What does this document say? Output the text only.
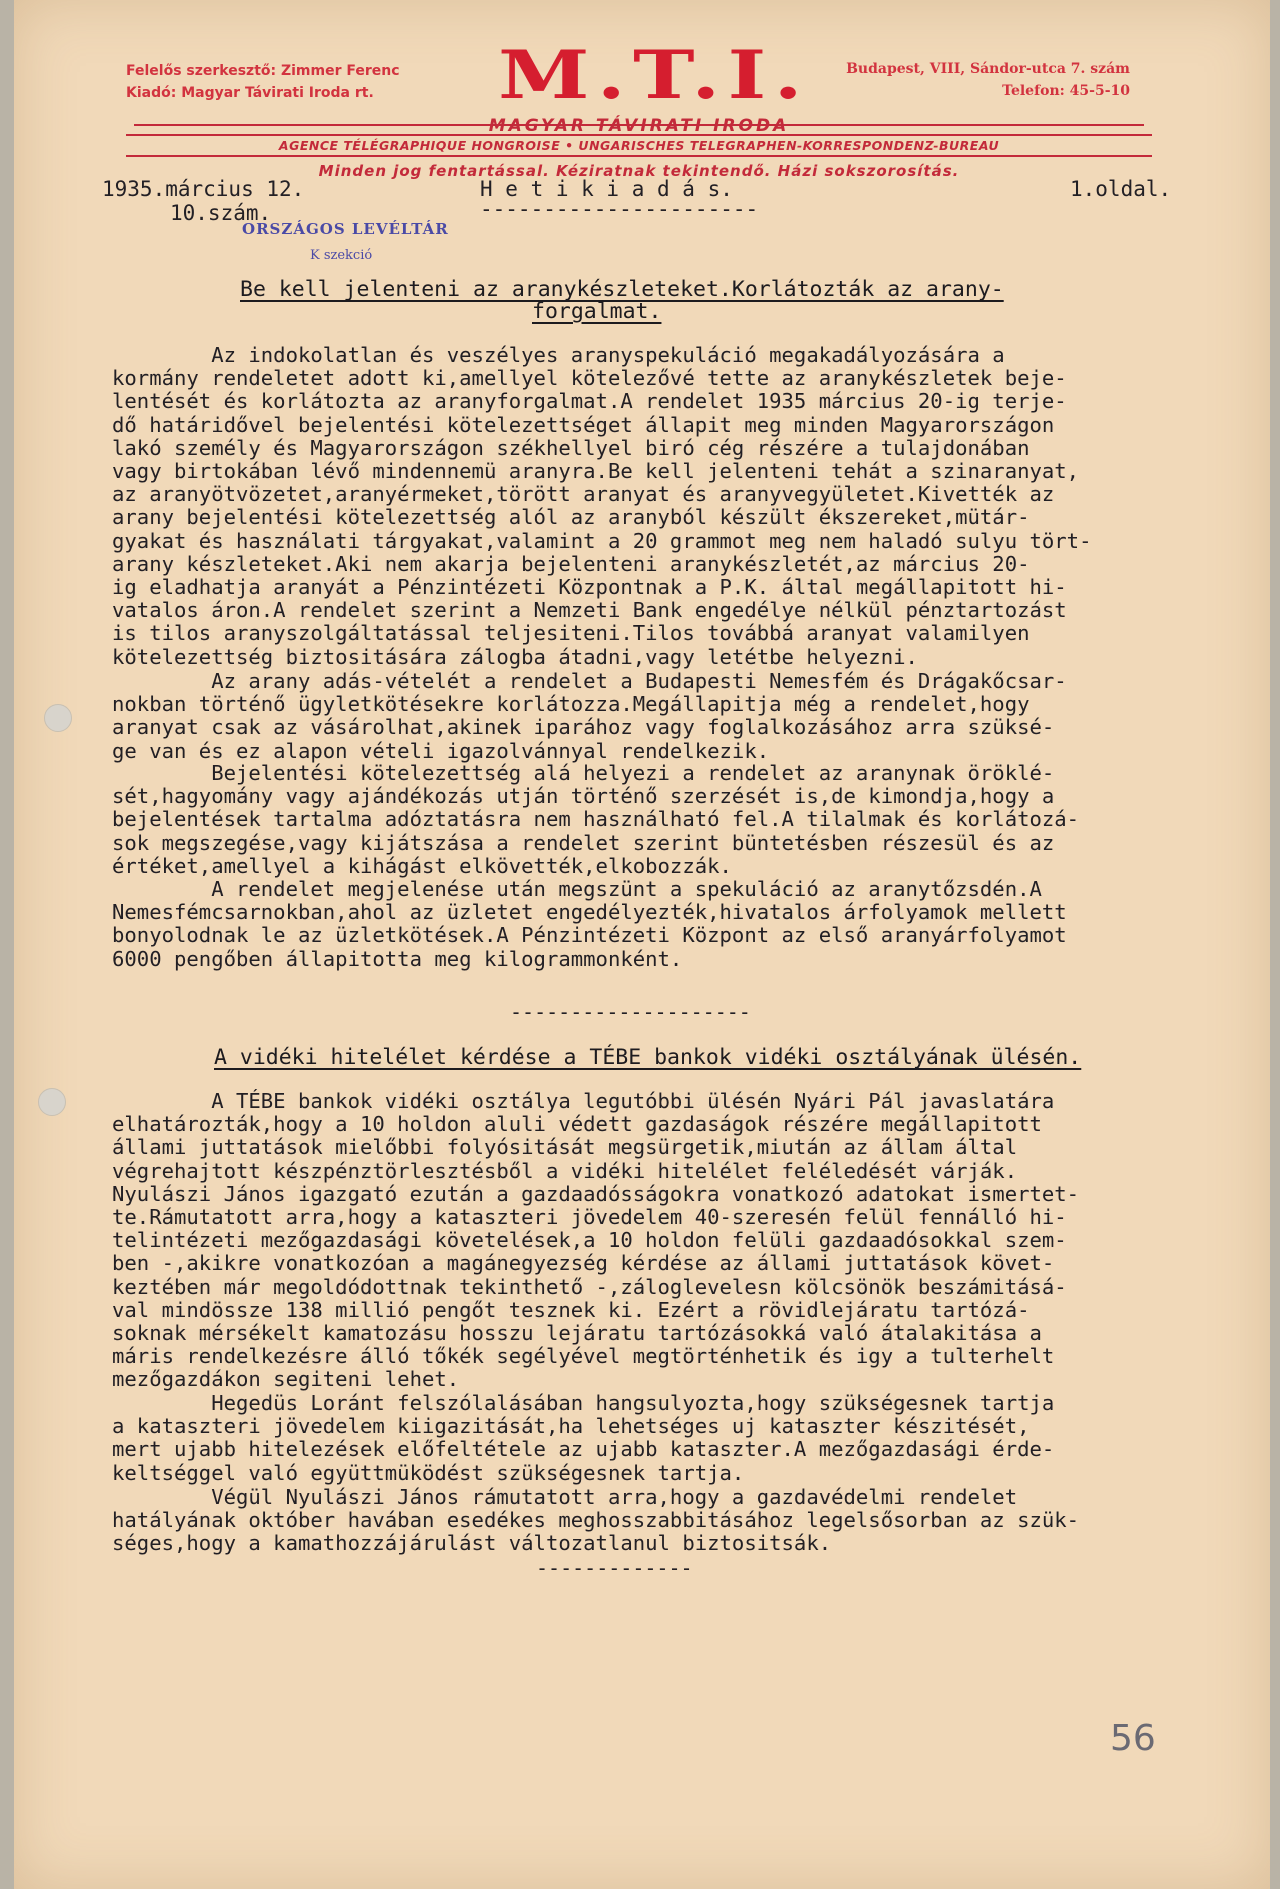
Felelős szerkesztő: Zimmer Ferenc
Kiadó: Magyar Távirati Iroda rt.	M.T.I.	Budapest, VIII, Sándor-utca 7. szám
Telefon: 45-5-10
MAGYAR TÁVIRATI IRODA
AGENCE TÉLÉGRAPHIQUE HONGROISE • UNGARISCHES TELEGRAPHEN-KORRESPONDENZ-BUREAU
Minden jog fentartással. Kéziratnak tekintendő. Házi sokszorosítás.
1935.március 12.
10.szám.
H e t i k i a d á s.
----------------------
1.oldal.
ORSZÁGOS LEVÉLTÁR
K szekció
Be kell jelenteni az aranykészleteket.Korlátozták az arany-
forgalmat.
Az indokolatlan és veszélyes aranyspekuláció megakadályozására a
kormány rendeletet adott ki,amellyel kötelezővé tette az aranykészletek beje-
lentését és korlátozta az aranyforgalmat.A rendelet 1935 március 20-ig terje-
dő határidővel bejelentési kötelezettséget állapit meg minden Magyarországon
lakó személy és Magyarországon székhellyel biró cég részére a tulajdonában
vagy birtokában lévő mindennemü aranyra.Be kell jelenteni tehát a szinaranyat,
az aranyötvözetet,aranyérmeket,törött aranyat és aranyvegyületet.Kivették az
arany bejelentési kötelezettség alól az aranyból készült ékszereket,mütár-
gyakat és használati tárgyakat,valamint a 20 grammot meg nem haladó sulyu tört-
arany készleteket.Aki nem akarja bejelenteni aranykészletét,az március 20-
ig eladhatja aranyát a Pénzintézeti Központnak a P.K. által megállapitott hi-
vatalos áron.A rendelet szerint a Nemzeti Bank engedélye nélkül pénztartozást
is tilos aranyszolgáltatással teljesiteni.Tilos továbbá aranyat valamilyen
kötelezettség biztositására zálogba átadni,vagy letétbe helyezni.
Az arany adás-vételét a rendelet a Budapesti Nemesfém és Drágakőcsar-
nokban történő ügyletkötésekre korlátozza.Megállapitja még a rendelet,hogy
aranyat csak az vásárolhat,akinek iparához vagy foglalkozásához arra szüksé-
ge van és ez alapon vételi igazolvánnyal rendelkezik.
Bejelentési kötelezettség alá helyezi a rendelet az aranynak öröklé-
sét,hagyomány vagy ajándékozás utján történő szerzését is,de kimondja,hogy a
bejelentések tartalma adóztatásra nem használható fel.A tilalmak és korlátozá-
sok megszegése,vagy kijátszása a rendelet szerint büntetésben részesül és az
értéket,amellyel a kihágást elkövették,elkobozzák.
A rendelet megjelenése után megszünt a spekuláció az aranytőzsdén.A
Nemesfémcsarnokban,ahol az üzletet engedélyezték,hivatalos árfolyamok mellett
bonyolodnak le az üzletkötések.A Pénzintézeti Központ az első aranyárfolyamot
6000 pengőben állapitotta meg kilogrammonként.
--------------------
A vidéki hitelélet kérdése a TÉBE bankok vidéki osztályának ülésén.
A TÉBE bankok vidéki osztálya legutóbbi ülésén Nyári Pál javaslatára
elhatározták,hogy a 10 holdon aluli védett gazdaságok részére megállapitott
állami juttatások mielőbbi folyósitását megsürgetik,miután az állam által
végrehajtott készpénztörlesztésből a vidéki hitelélet feléledését várják.
Nyulászi János igazgató ezután a gazdaadósságokra vonatkozó adatokat ismertet-
te.Rámutatott arra,hogy a kataszteri jövedelem 40-szeresén felül fennálló hi-
telintézeti mezőgazdasági követelések,a 10 holdon felüli gazdaadósokkal szem-
ben -,akikre vonatkozóan a magánegyezség kérdése az állami juttatások követ-
keztében már megoldódottnak tekinthető -,záloglevelesn kölcsönök beszámitásá-
val mindössze 138 millió pengőt tesznek ki. Ezért a rövidlejáratu tartózá-
soknak mérsékelt kamatozásu hosszu lejáratu tartózásokká való átalakitása a
máris rendelkezésre álló tőkék segélyével megtörténhetik és igy a tulterhelt
mezőgazdákon segiteni lehet.
Hegedüs Loránt felszólalásában hangsulyozta,hogy szükségesnek tartja
a kataszteri jövedelem kiigazitását,ha lehetséges uj kataszter készitését,
mert ujabb hitelezések előfeltétele az ujabb kataszter.A mezőgazdasági érde-
keltséggel való együttmüködést szükségesnek tartja.
Végül Nyulászi János rámutatott arra,hogy a gazdavédelmi rendelet
hatályának október havában esedékes meghosszabbitásához legelsősorban az szük-
séges,hogy a kamathozzájárulást változatlanul biztositsák.
-------------
56
